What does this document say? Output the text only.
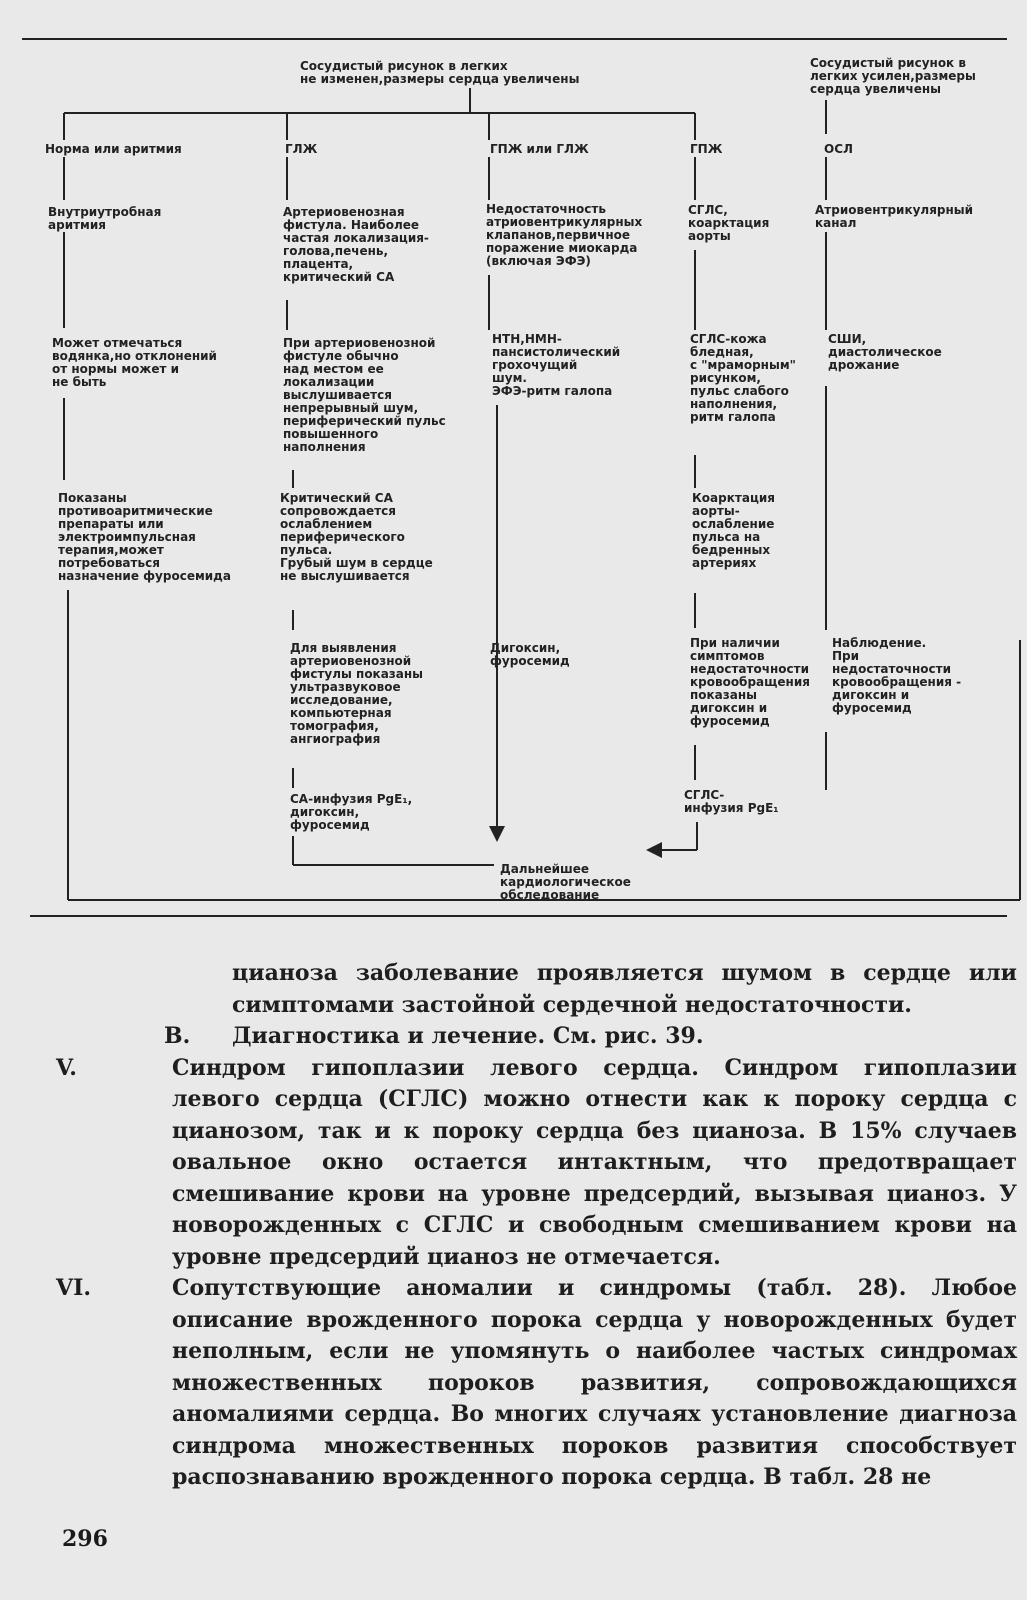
Сосудистый рисунок в легких
не изменен,размеры сердца увеличены
Сосудистый рисунок в
легких усилен,размеры
сердца увеличены
Норма или аритмия
Внутриутробная
аритмия
Может отмечаться
водянка,но отклонений
от нормы может и
не быть
Показаны
противоаритмические
препараты или
электроимпульсная
терапия,может
потребоваться
назначение фуросемида
ГЛЖ
Артериовенозная
фистула. Наиболее
частая локализация-
голова,печень,
плацента,
критический СА
При артериовенозной
фистуле обычно
над местом ее
локализации
выслушивается
непрерывный шум,
периферический пульс
повышенного
наполнения
Критический СА
сопровождается
ослаблением
периферического
пульса.
Грубый шум в сердце
не выслушивается
Для выявления
артериовенозной
фистулы показаны
ультразвуковое
исследование,
компьютерная
томография,
ангиография
СА-инфузия PgE₁,
дигоксин,
фуросемид
ГПЖ или ГЛЖ
Недостаточность
атриовентрикулярных
клапанов,первичное
поражение миокарда
(включая ЭФЭ)
НТН,НМН-
пансистолический
грохочущий
шум.
ЭФЭ-ритм галопа
Дигоксин,
фуросемид
ГПЖ
СГЛС,
коарктация
аорты
СГЛС-кожа
бледная,
с "мраморным"
рисунком,
пульс слабого
наполнения,
ритм галопа
Коарктация
аорты-
ослабление
пульса на
бедренных
артериях
При наличии
симптомов
недостаточности
кровообращения
показаны
дигоксин и
фуросемид
СГЛС-
инфузия PgE₁
ОСЛ
Атриовентрикулярный
канал
СШИ,
диастолическое
дрожание
Наблюдение.
При
недостаточности
кровообращения -
дигоксин и
фуросемид
Дальнейшее
кардиологическое
обследование

цианоза заболевание проявляется шумом в сердце или симптомами застойной сердечной недостаточности.

В.	Диагностика и лечение. См. рис. 39.

V.	Синдром гипоплазии левого сердца. Синдром гипоплазии левого сердца (СГЛС) можно отнести как к пороку сердца с цианозом, так и к пороку сердца без цианоза. В 15% случаев овальное окно остается интактным, что предотвращает смешивание крови на уровне предсердий, вызывая цианоз. У новорожденных с СГЛС и свободным смешиванием крови на уровне предсердий цианоз не отмечается.

VI.	Сопутствующие аномалии и синдромы (табл. 28). Любое описание врожденного порока сердца у новорожденных будет неполным, если не упомянуть о наиболее частых синдромах множественных пороков развития, сопровождающихся аномалиями сердца. Во многих случаях установление диагноза синдрома множественных пороков развития способствует распознаванию врожденного порока сердца. В табл. 28 не

296
